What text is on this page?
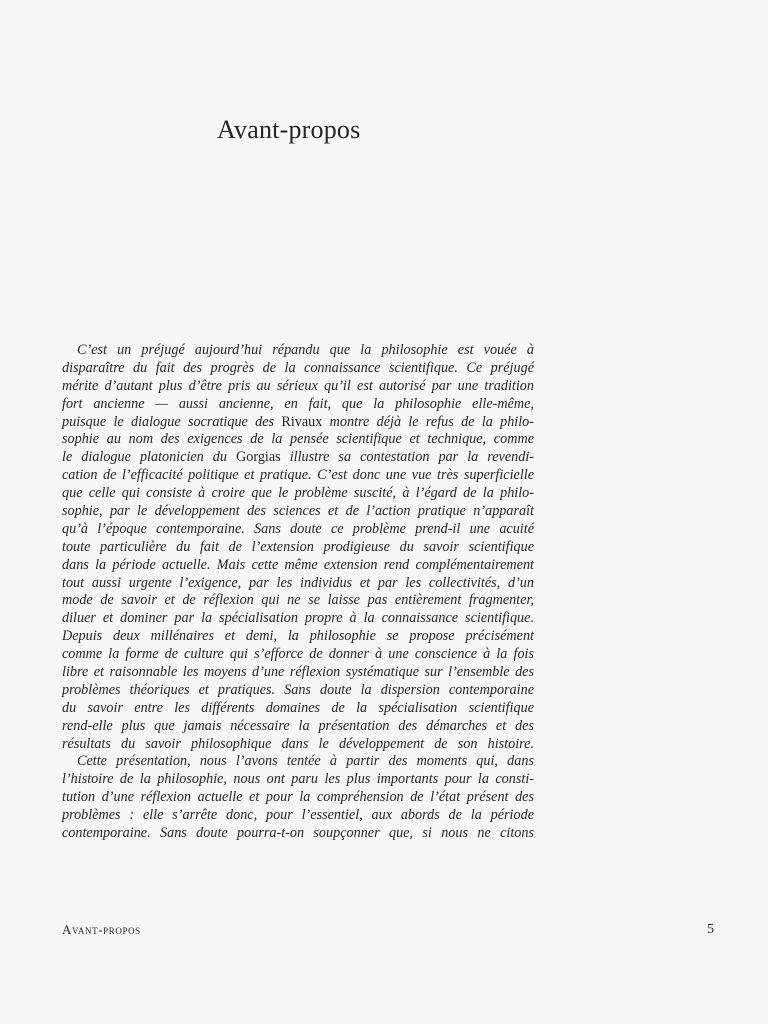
Avant-propos
C’est un préjugé aujourd’hui répandu que la philosophie est vouée à
disparaître du fait des progrès de la connaissance scientifique. Ce préjugé
mérite d’autant plus d’être pris au sérieux qu’il est autorisé par une tradition
fort ancienne — aussi ancienne, en fait, que la philosophie elle-même,
puisque le dialogue socratique des Rivaux montre déjà le refus de la philo-
sophie au nom des exigences de la pensée scientifique et technique, comme
le dialogue platonicien du Gorgias illustre sa contestation par la revendi-
cation de l’efficacité politique et pratique. C’est donc une vue très superficielle
que celle qui consiste à croire que le problème suscité, à l’égard de la philo-
sophie, par le développement des sciences et de l’action pratique n’apparaît
qu’à l’époque contemporaine. Sans doute ce problème prend-il une acuité
toute particulière du fait de l’extension prodigieuse du savoir scientifique
dans la période actuelle. Mais cette même extension rend complémentairement
tout aussi urgente l’exigence, par les individus et par les collectivités, d’un
mode de savoir et de réflexion qui ne se laisse pas entièrement fragmenter,
diluer et dominer par la spécialisation propre à la connaissance scientifique.
Depuis deux millénaires et demi, la philosophie se propose précisément
comme la forme de culture qui s’efforce de donner à une conscience à la fois
libre et raisonnable les moyens d’une réflexion systématique sur l’ensemble des
problèmes théoriques et pratiques. Sans doute la dispersion contemporaine
du savoir entre les différents domaines de la spécialisation scientifique
rend-elle plus que jamais nécessaire la présentation des démarches et des
résultats du savoir philosophique dans le développement de son histoire.
Cette présentation, nous l’avons tentée à partir des moments qui, dans
l’histoire de la philosophie, nous ont paru les plus importants pour la consti-
tution d’une réflexion actuelle et pour la compréhension de l’état présent des
problèmes : elle s’arrête donc, pour l’essentiel, aux abords de la période
contemporaine. Sans doute pourra-t-on soupçonner que, si nous ne citons
Avant-propos	5
